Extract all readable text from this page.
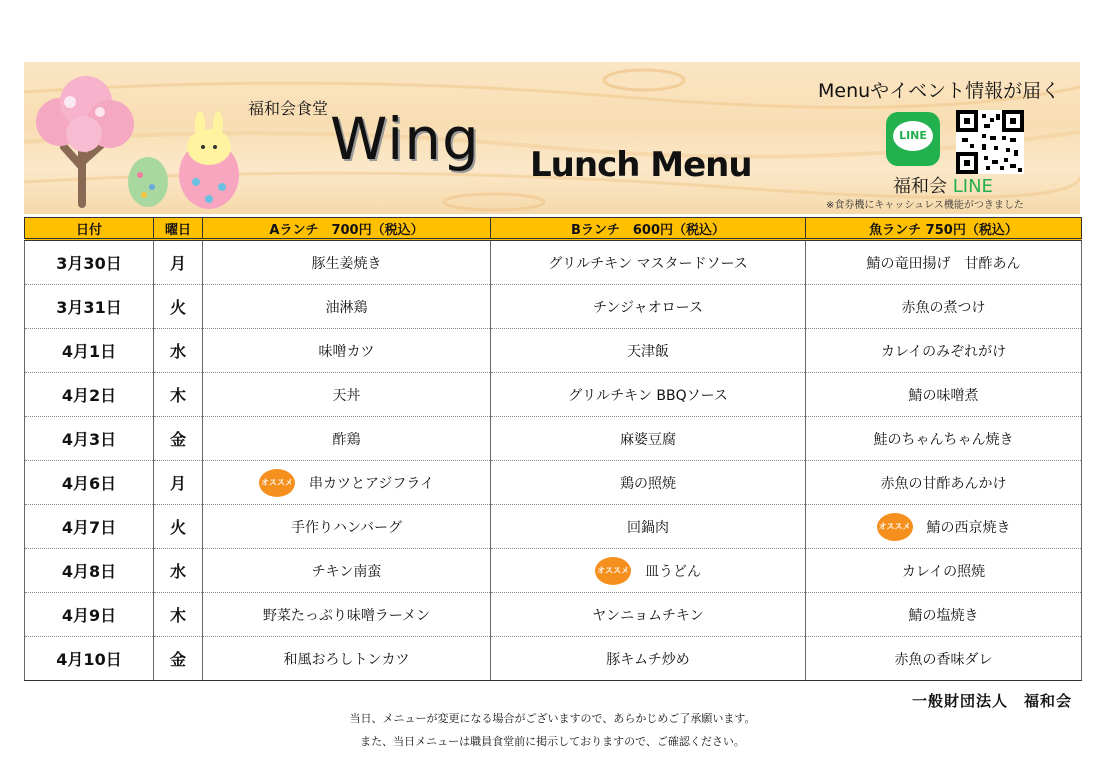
LINE
福和会食堂 Wing Lunch Menu
Menuやイベント情報が届く
福和会 LINE
※食券機にキャッシュレス機能がつきました
日付	曜日	Aランチ　700円（税込）	Bランチ　600円（税込）	魚ランチ 750円（税込）
3月30日	月	豚生姜焼き	グリルチキン マスタードソース	鯖の竜田揚げ　甘酢あん
3月31日	火	油淋鶏	チンジャオロース	赤魚の煮つけ
4月1日	水	味噌カツ	天津飯	カレイのみぞれがけ
4月2日	木	天丼	グリルチキン BBQソース	鯖の味噌煮
4月3日	金	酢鶏	麻婆豆腐	鮭のちゃんちゃん焼き
4月6日	月	オススメ 串カツとアジフライ	鶏の照焼	赤魚の甘酢あんかけ
4月7日	火	手作りハンバーグ	回鍋肉	オススメ 鯖の西京焼き

4月8日	水	チキン南蛮	オススメ 皿うどん	カレイの照焼
4月9日	木	野菜たっぷり味噌ラーメン	ヤンニョムチキン	鯖の塩焼き
4月10日	金	和風おろしトンカツ	豚キムチ炒め	赤魚の香味ダレ
一般財団法人　福和会
当日、メニューが変更になる場合がございますので、あらかじめご了承願います。
また、当日メニューは職員食堂前に掲示しておりますので、ご確認ください。
